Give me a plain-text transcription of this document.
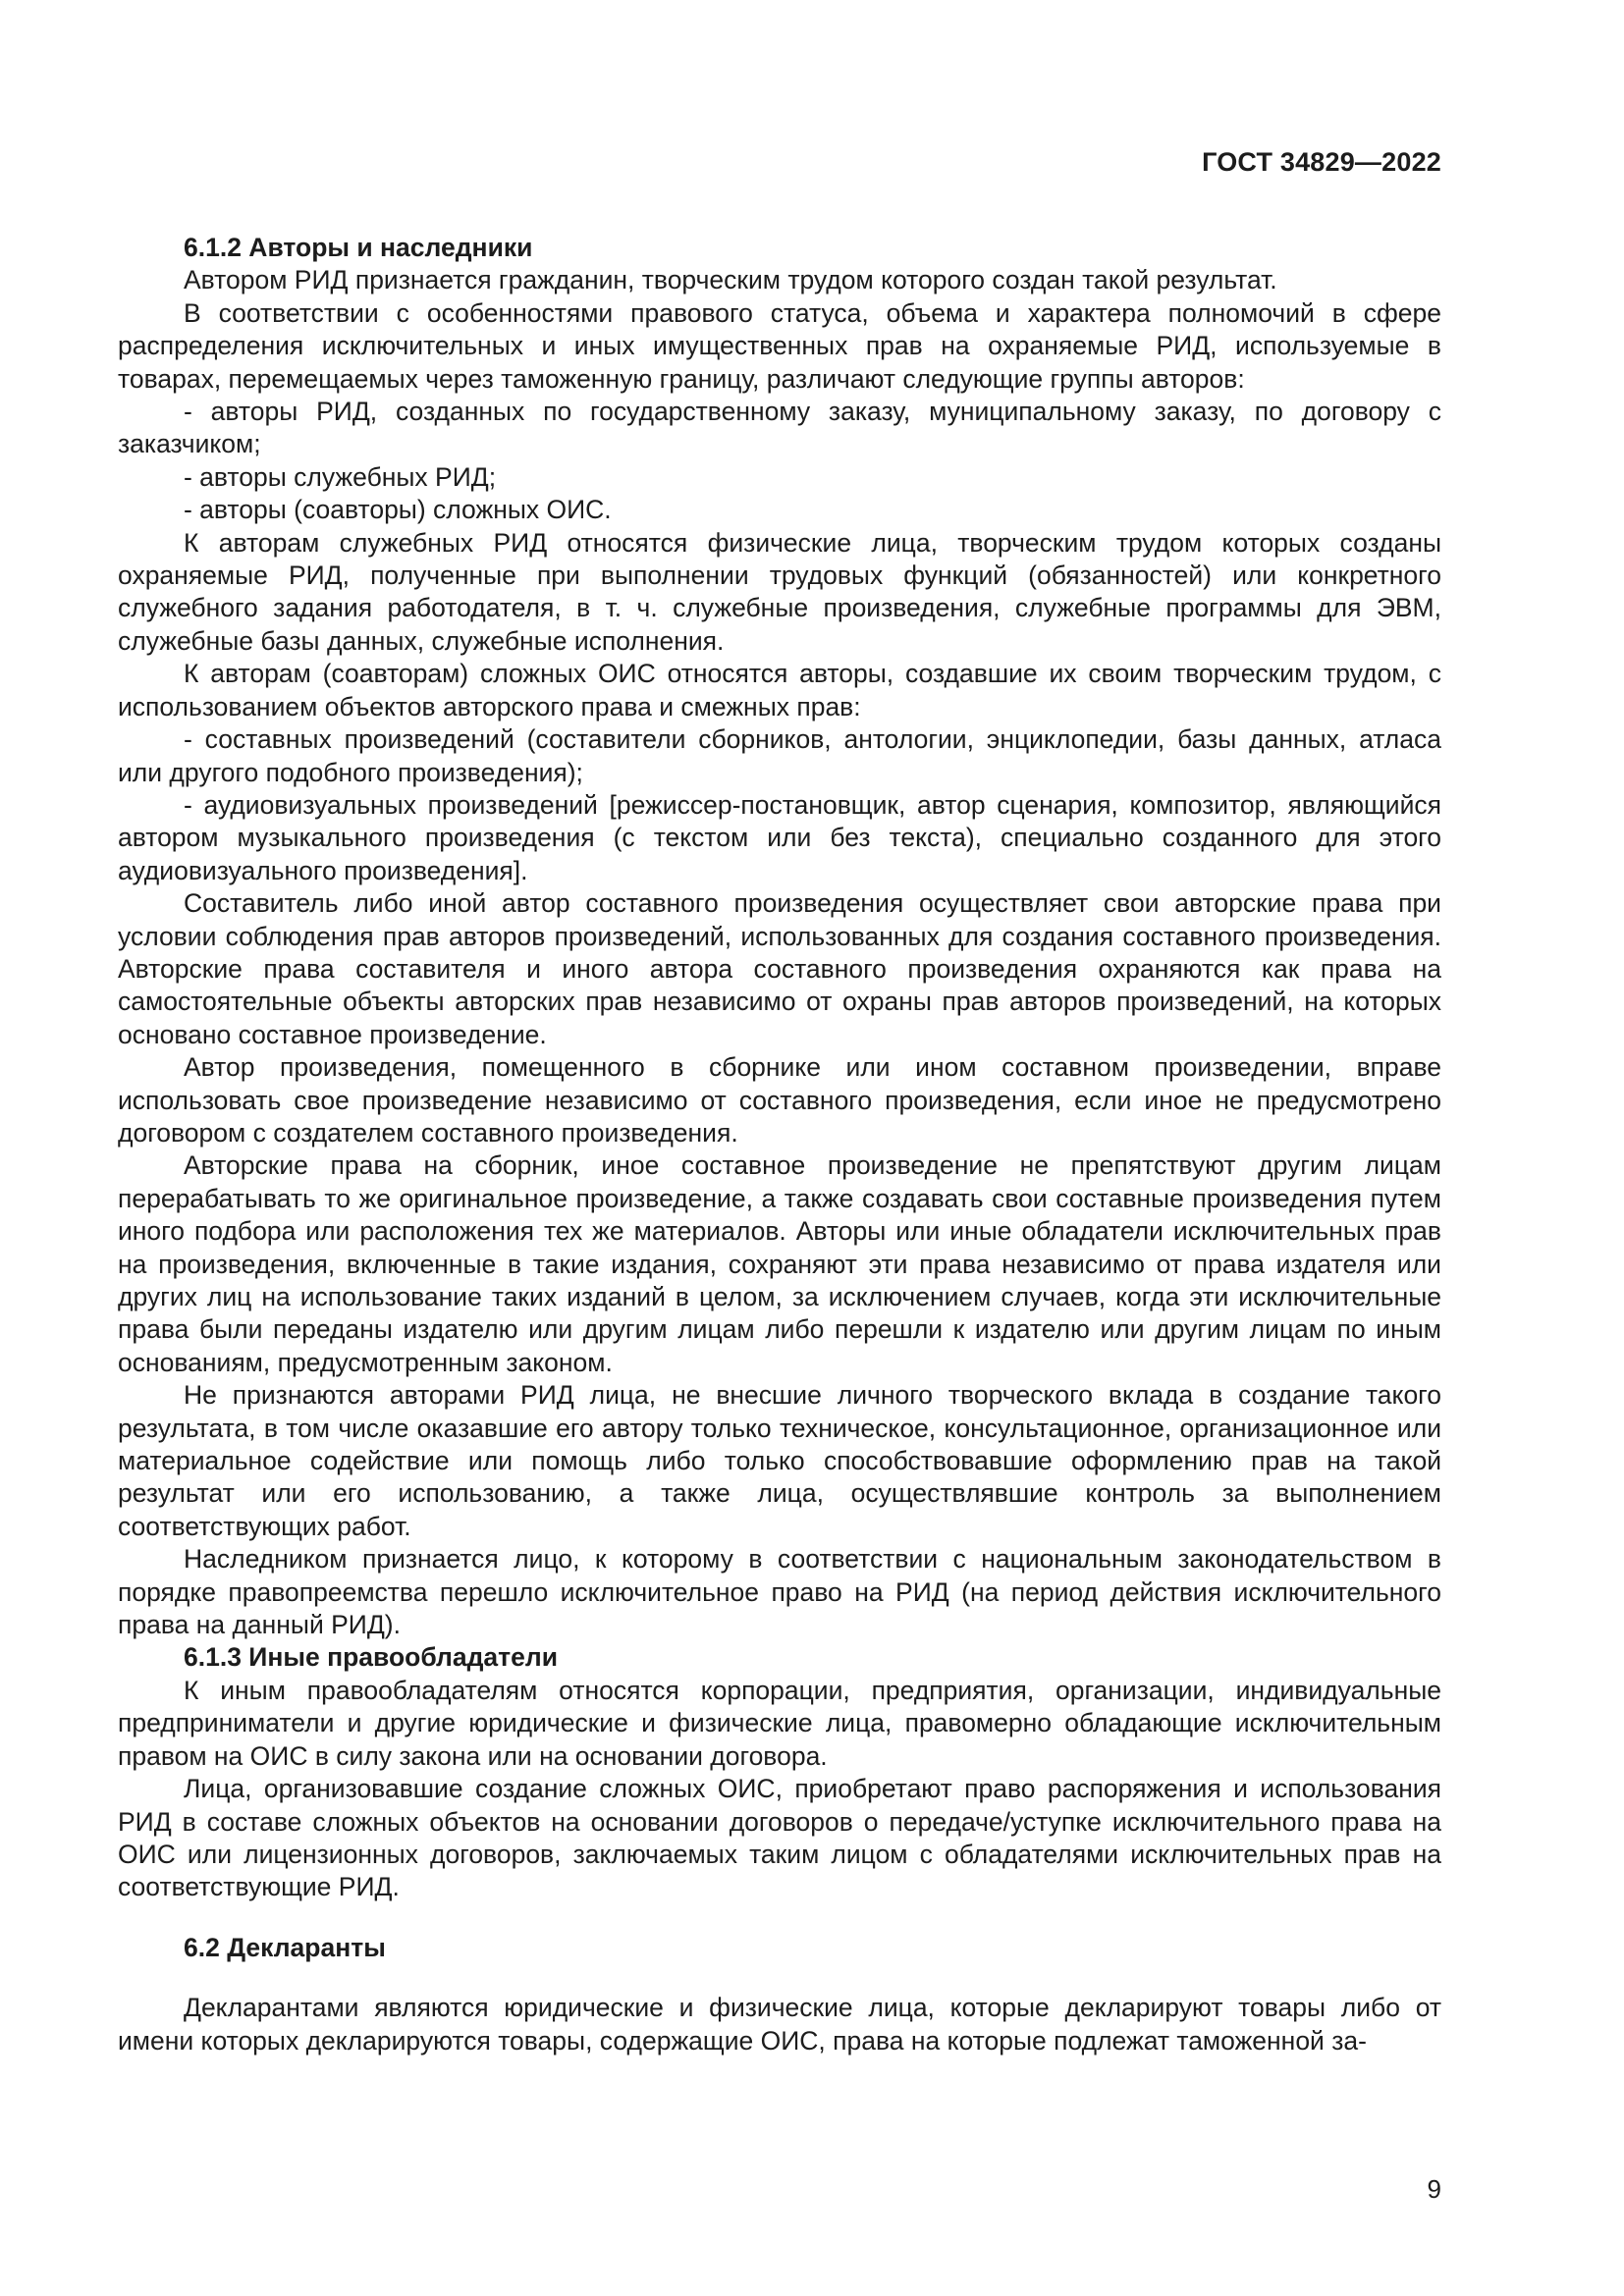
ГОСТ 34829—2022
6.1.2 Авторы и наследники

Автором РИД признается гражданин, творческим трудом которого создан такой результат.

В соответствии с особенностями правового статуса, объема и характера полномочий в сфере распределения исключительных и иных имущественных прав на охраняемые РИД, используемые в товарах, перемещаемых через таможенную границу, различают следующие группы авторов:

- авторы РИД, созданных по государственному заказу, муниципальному заказу, по договору с заказчиком;
- авторы служебных РИД;
- авторы (соавторы) сложных ОИС.

К авторам служебных РИД относятся физические лица, творческим трудом которых созданы охраняемые РИД, полученные при выполнении трудовых функций (обязанностей) или конкретного служебного задания работодателя, в т. ч. служебные произведения, служебные программы для ЭВМ, служебные базы данных, служебные исполнения.

К авторам (соавторам) сложных ОИС относятся авторы, создавшие их своим творческим трудом, с использованием объектов авторского права и смежных прав:

- составных произведений (составители сборников, антологии, энциклопедии, базы данных, атласа или другого подобного произведения);
- аудиовизуальных произведений [режиссер-постановщик, автор сценария, композитор, являющийся автором музыкального произведения (с текстом или без текста), специально созданного для этого аудиовизуального произведения].

Составитель либо иной автор составного произведения осуществляет свои авторские права при условии соблюдения прав авторов произведений, использованных для создания составного произведения. Авторские права составителя и иного автора составного произведения охраняются как права на самостоятельные объекты авторских прав независимо от охраны прав авторов произведений, на которых основано составное произведение.

Автор произведения, помещенного в сборнике или ином составном произведении, вправе использовать свое произведение независимо от составного произведения, если иное не предусмотрено договором с создателем составного произведения.

Авторские права на сборник, иное составное произведение не препятствуют другим лицам перерабатывать то же оригинальное произведение, а также создавать свои составные произведения путем иного подбора или расположения тех же материалов. Авторы или иные обладатели исключительных прав на произведения, включенные в такие издания, сохраняют эти права независимо от права издателя или других лиц на использование таких изданий в целом, за исключением случаев, когда эти исключительные права были переданы издателю или другим лицам либо перешли к издателю или другим лицам по иным основаниям, предусмотренным законом.

Не признаются авторами РИД лица, не внесшие личного творческого вклада в создание такого результата, в том числе оказавшие его автору только техническое, консультационное, организационное или материальное содействие или помощь либо только способствовавшие оформлению прав на такой результат или его использованию, а также лица, осуществлявшие контроль за выполнением соответствующих работ.

Наследником признается лицо, к которому в соответствии с национальным законодательством в порядке правопреемства перешло исключительное право на РИД (на период действия исключительного права на данный РИД).

6.1.3 Иные правообладатели

К иным правообладателям относятся корпорации, предприятия, организации, индивидуальные предприниматели и другие юридические и физические лица, правомерно обладающие исключительным правом на ОИС в силу закона или на основании договора.

Лица, организовавшие создание сложных ОИС, приобретают право распоряжения и использования РИД в составе сложных объектов на основании договоров о передаче/уступке исключительного права на ОИС или лицензионных договоров, заключаемых таким лицом с обладателями исключительных прав на соответствующие РИД.

6.2 Декларанты

Декларантами являются юридические и физические лица, которые декларируют товары либо от имени которых декларируются товары, содержащие ОИС, права на которые подлежат таможенной за-

9
